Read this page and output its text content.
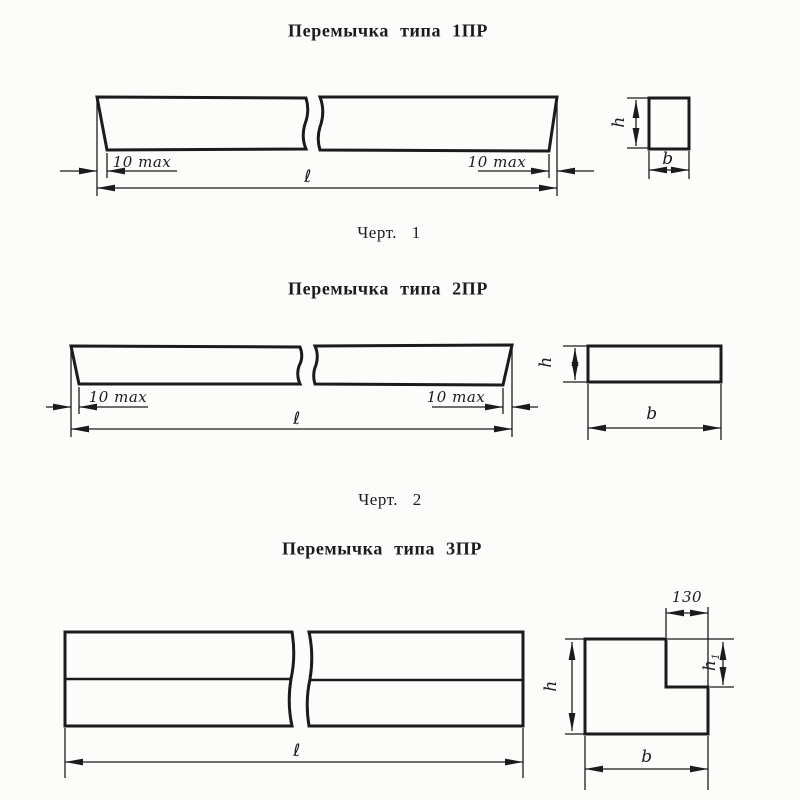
Перемычка типа 1ПР
10 max	10 max
ℓ
h
b
Черт. 1
Перемычка типа 2ПР
10 max	10 max
ℓ
h
b
Черт. 2
Перемычка типа 3ПР
130
$h_1$
h
ℓ	b
